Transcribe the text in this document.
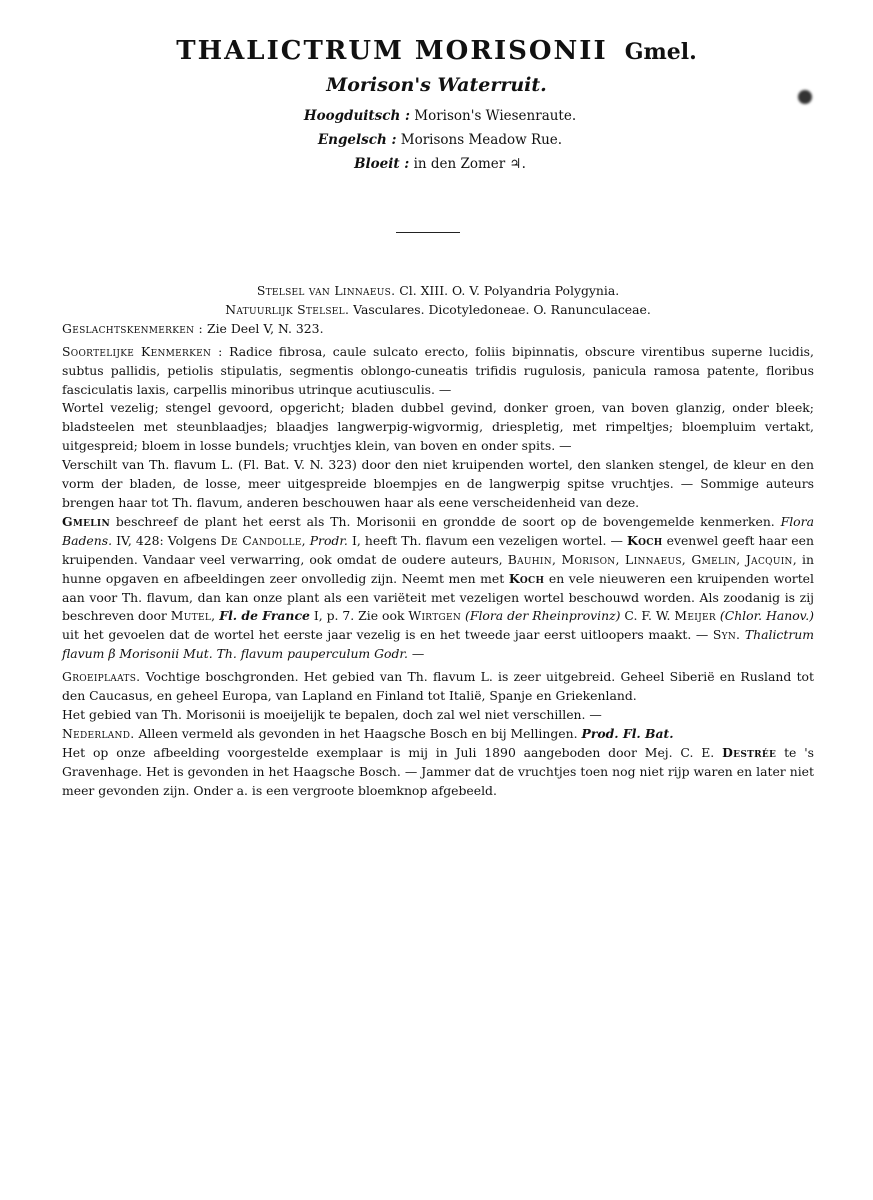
THALICTRUM MORISONII Gmel.
Morison's Waterruit.
Hoogduitsch : Morison's Wiesenraute.
Engelsch : Morisons Meadow Rue.
Bloeit : in den Zomer ♃.

Stelsel van Linnaeus. Cl. XIII. O. V. Polyandria Polygynia.

Natuurlijk Stelsel. Vasculares. Dicotyledoneae. O. Ranunculaceae.

Geslachtskenmerken : Zie Deel V, N. 323.

Soortelijke Kenmerken : Radice fibrosa, caule sulcato erecto, foliis bipinnatis, obscure virentibus superne lucidis, subtus pallidis, petiolis stipulatis, segmentis oblongo-cuneatis trifidis rugulosis, panicula ramosa patente, floribus fasciculatis laxis, carpellis minoribus utrinque acutiusculis. —

Wortel vezelig; stengel gevoord, opgericht; bladen dubbel gevind, donker groen, van boven glanzig, onder bleek; bladsteelen met steunblaadjes; blaadjes langwerpig-wigvormig, driespletig, met rimpeltjes; bloempluim vertakt, uitgespreid; bloem in losse bundels; vruchtjes klein, van boven en onder spits. —

Verschilt van Th. flavum L. (Fl. Bat. V. N. 323) door den niet kruipenden wortel, den slanken stengel, de kleur en den vorm der bladen, de losse, meer uitgespreide bloempjes en de langwerpig spitse vruchtjes. — Sommige auteurs brengen haar tot Th. flavum, anderen beschouwen haar als eene verscheidenheid van deze.

Gmelin beschreef de plant het eerst als Th. Morisonii en grondde de soort op de bovengemelde kenmerken. Flora Badens. IV, 428: Volgens De Candolle, Prodr. I, heeft Th. flavum een vezeligen wortel. — Koch evenwel geeft haar een kruipenden. Vandaar veel verwarring, ook omdat de oudere auteurs, Bauhin, Morison, Linnaeus, Gmelin, Jacquin, in hunne opgaven en afbeeldingen zeer onvolledig zijn. Neemt men met Koch en vele nieuweren een kruipenden wortel aan voor Th. flavum, dan kan onze plant als een variëteit met vezeligen wortel beschouwd worden. Als zoodanig is zij beschreven door Mutel, Fl. de France I, p. 7. Zie ook Wirtgen (Flora der Rheinprovinz) C. F. W. Meijer (Chlor. Hanov.) uit het gevoelen dat de wortel het eerste jaar vezelig is en het tweede jaar eerst uitloopers maakt. — Syn. Thalictrum flavum β Morisonii Mut. Th. flavum pauperculum Godr. —

Groeiplaats. Vochtige boschgronden. Het gebied van Th. flavum L. is zeer uitgebreid. Geheel Siberië en Rusland tot den Caucasus, en geheel Europa, van Lapland en Finland tot Italië, Spanje en Griekenland.

Het gebied van Th. Morisonii is moeijelijk te bepalen, doch zal wel niet verschillen. —

Nederland. Alleen vermeld als gevonden in het Haagsche Bosch en bij Mellingen. Prod. Fl. Bat.

Het op onze afbeelding voorgestelde exemplaar is mij in Juli 1890 aangeboden door Mej. C. E. Destrée te 's Gravenhage. Het is gevonden in het Haagsche Bosch. — Jammer dat de vruchtjes toen nog niet rijp waren en later niet meer gevonden zijn. Onder a. is een vergroote bloemknop afgebeeld.
